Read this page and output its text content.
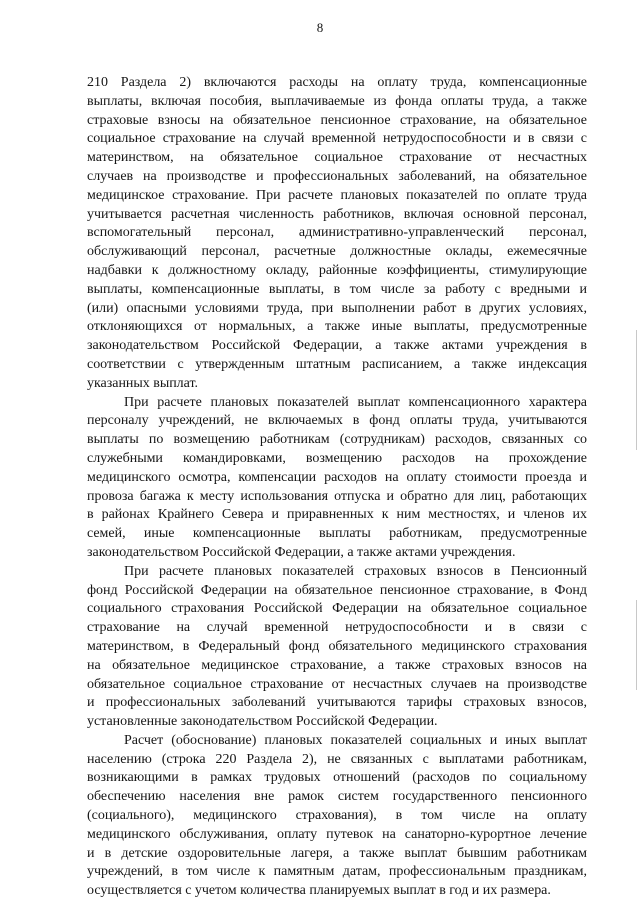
8

210 Раздела 2) включаются расходы на оплату труда, компенсационные
выплаты, включая пособия, выплачиваемые из фонда оплаты труда, а также
страховые взносы на обязательное пенсионное страхование, на обязательное
социальное страхование на случай временной нетрудоспособности и в связи с
материнством, на обязательное социальное страхование от несчастных
случаев на производстве и профессиональных заболеваний, на обязательное
медицинское страхование. При расчете плановых показателей по оплате труда
учитывается расчетная численность работников, включая основной персонал,
вспомогательный персонал, административно-управленческий персонал,
обслуживающий персонал, расчетные должностные оклады, ежемесячные
надбавки к должностному окладу, районные коэффициенты, стимулирующие
выплаты, компенсационные выплаты, в том числе за работу с вредными и
(или) опасными условиями труда, при выполнении работ в других условиях,
отклоняющихся от нормальных, а также иные выплаты, предусмотренные
законодательством Российской Федерации, а также актами учреждения в
соответствии с утвержденным штатным расписанием, а также индексация
указанных выплат.

При расчете плановых показателей выплат компенсационного характера
персоналу учреждений, не включаемых в фонд оплаты труда, учитываются
выплаты по возмещению работникам (сотрудникам) расходов, связанных со
служебными командировками, возмещению расходов на прохождение
медицинского осмотра, компенсации расходов на оплату стоимости проезда и
провоза багажа к месту использования отпуска и обратно для лиц, работающих
в районах Крайнего Севера и приравненных к ним местностях, и членов их
семей, иные компенсационные выплаты работникам, предусмотренные
законодательством Российской Федерации, а также актами учреждения.

При расчете плановых показателей страховых взносов в Пенсионный
фонд Российской Федерации на обязательное пенсионное страхование, в Фонд
социального страхования Российской Федерации на обязательное социальное
страхование на случай временной нетрудоспособности и в связи с
материнством, в Федеральный фонд обязательного медицинского страхования
на обязательное медицинское страхование, а также страховых взносов на
обязательное социальное страхование от несчастных случаев на производстве
и профессиональных заболеваний учитываются тарифы страховых взносов,
установленные законодательством Российской Федерации.

Расчет (обоснование) плановых показателей социальных и иных выплат
населению (строка 220 Раздела 2), не связанных с выплатами работникам,
возникающими в рамках трудовых отношений (расходов по социальному
обеспечению населения вне рамок систем государственного пенсионного
(социального), медицинского страхования), в том числе на оплату
медицинского обслуживания, оплату путевок на санаторно-курортное лечение
и в детские оздоровительные лагеря, а также выплат бывшим работникам
учреждений, в том числе к памятным датам, профессиональным праздникам,
осуществляется с учетом количества планируемых выплат в год и их размера.
